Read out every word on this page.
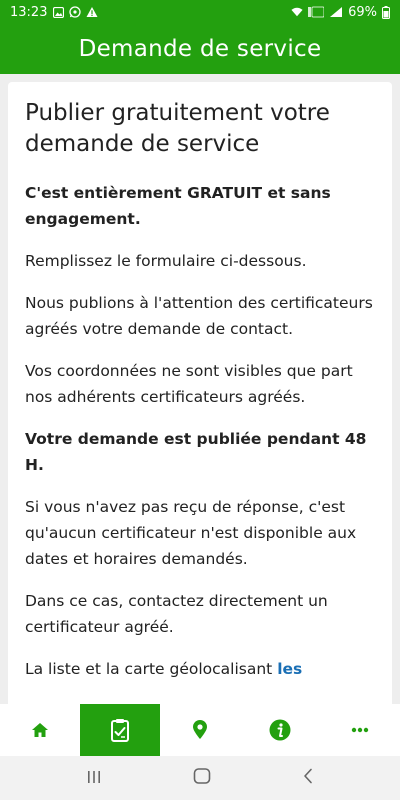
13:23	69%
Demande de service
Publier gratuitement votre demande de service

C'est entièrement GRATUIT et sans engagement.

Remplissez le formulaire ci-dessous.

Nous publions à l'attention des certificateurs agréés votre demande de contact.

Vos coordonnées ne sont visibles que part nos adhérents certificateurs agréés.

Votre demande est publiée pendant 48 H.

Si vous n'avez pas reçu de réponse, c'est qu'aucun certificateur n'est disponible aux dates et horaires demandés.

Dans ce cas, contactez directement un certificateur agréé.

La liste et la carte géolocalisant les
